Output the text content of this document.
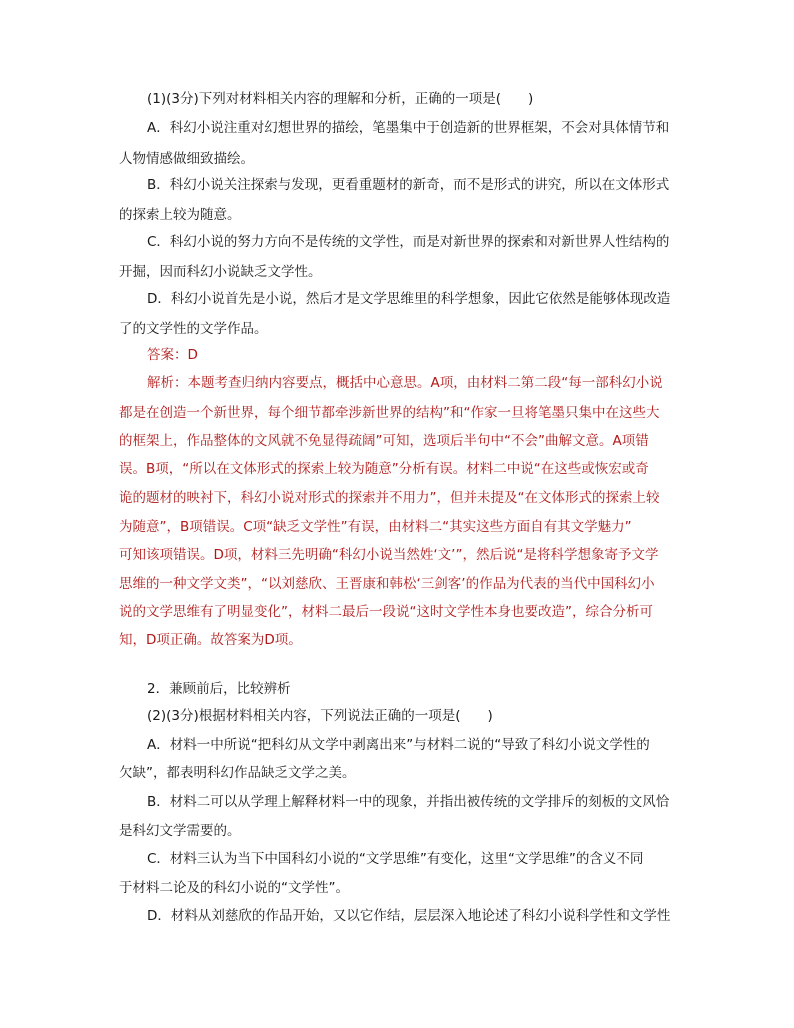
(1)(3分)下列对材料相关内容的理解和分析，正确的一项是(　　)
A．科幻小说注重对幻想世界的描绘，笔墨集中于创造新的世界框架，不会对具体情节和
人物情感做细致描绘。
B．科幻小说关注探索与发现，更看重题材的新奇，而不是形式的讲究，所以在文体形式
的探索上较为随意。
C．科幻小说的努力方向不是传统的文学性，而是对新世界的探索和对新世界人性结构的
开掘，因而科幻小说缺乏文学性。
D．科幻小说首先是小说，然后才是文学思维里的科学想象，因此它依然是能够体现改造
了的文学性的文学作品。
答案：D
解析：本题考查归纳内容要点，概括中心意思。A项，由材料二第二段“每一部科幻小说
都是在创造一个新世界，每个细节都牵涉新世界的结构”和“作家一旦将笔墨只集中在这些大
的框架上，作品整体的文风就不免显得疏阔”可知，选项后半句中“不会”曲解文意。A项错
误。B项，“所以在文体形式的探索上较为随意”分析有误。材料二中说“在这些或恢宏或奇
诡的题材的映衬下，科幻小说对形式的探索并不用力”，但并未提及“在文体形式的探索上较
为随意”，B项错误。C项“缺乏文学性”有误，由材料二“其实这些方面自有其文学魅力”
可知该项错误。D项，材料三先明确“科幻小说当然姓‘文’”，然后说“是将科学想象寄予文学
思维的一种文学文类”，“以刘慈欣、王晋康和韩松‘三剑客’的作品为代表的当代中国科幻小
说的文学思维有了明显变化”，材料二最后一段说“这时文学性本身也要改造”，综合分析可
知，D项正确。故答案为D项。
2．兼顾前后，比较辨析
(2)(3分)根据材料相关内容，下列说法正确的一项是(　　)
A．材料一中所说“把科幻从文学中剥离出来”与材料二说的“导致了科幻小说文学性的
欠缺”，都表明科幻作品缺乏文学之美。
B．材料二可以从学理上解释材料一中的现象，并指出被传统的文学排斥的刻板的文风恰
是科幻文学需要的。
C．材料三认为当下中国科幻小说的“文学思维”有变化，这里“文学思维”的含义不同
于材料二论及的科幻小说的“文学性”。
D．材料从刘慈欣的作品开始，又以它作结，层层深入地论述了科幻小说科学性和文学性
